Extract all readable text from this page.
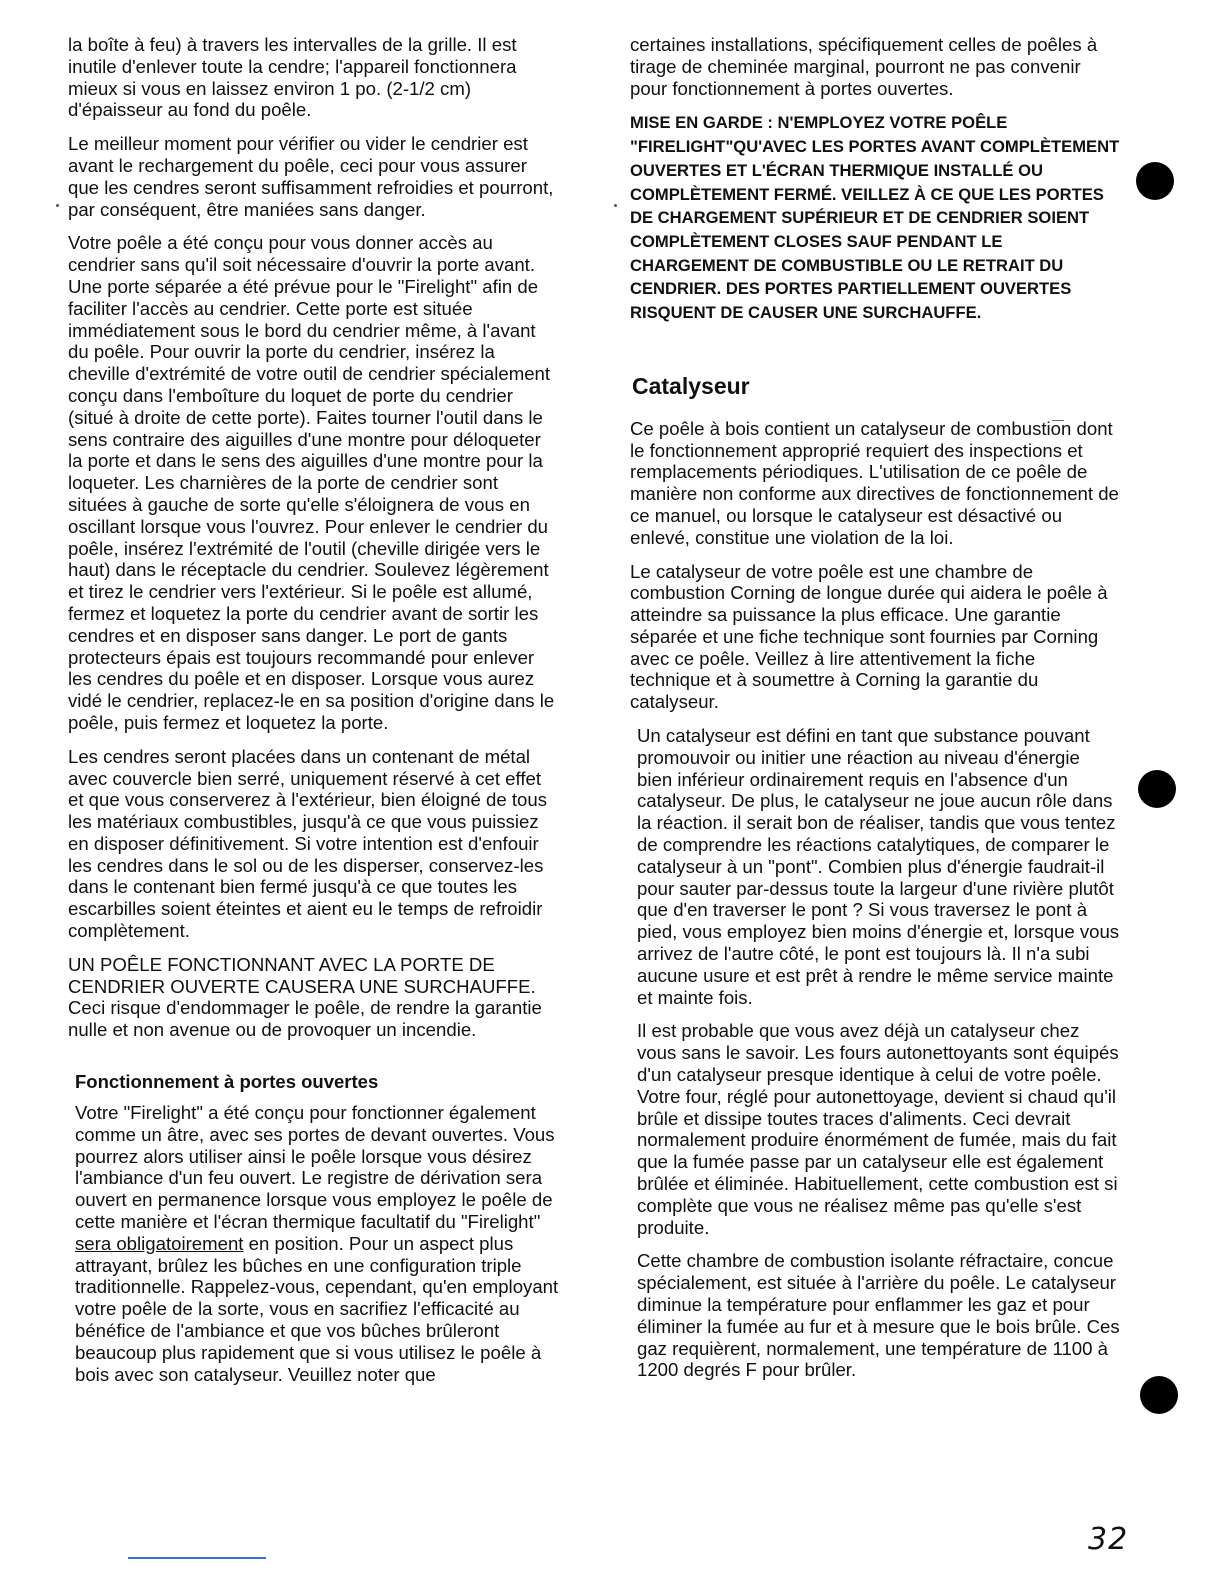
la boîte à feu) à travers les intervalles de la grille. Il est inutile d'enlever toute la cendre; l'appareil fonctionnera mieux si vous en laissez environ 1 po. (2-1/2 cm) d'épaisseur au fond du poêle.

Le meilleur moment pour vérifier ou vider le cendrier est avant le rechargement du poêle, ceci pour vous assurer que les cendres seront suffisamment refroidies et pourront, par conséquent, être maniées sans danger.

Votre poêle a été conçu pour vous donner accès au cendrier sans qu'il soit nécessaire d'ouvrir la porte avant. Une porte séparée a été prévue pour le "Firelight" afin de faciliter l'accès au cendrier. Cette porte est située immédiatement sous le bord du cendrier même, à l'avant du poêle. Pour ouvrir la porte du cendrier, insérez la cheville d'extrémité de votre outil de cendrier spécialement conçu dans l'emboîture du loquet de porte du cendrier (situé à droite de cette porte). Faites tourner l'outil dans le sens contraire des aiguilles d'une montre pour déloqueter la porte et dans le sens des aiguilles d'une montre pour la loqueter. Les charnières de la porte de cendrier sont situées à gauche de sorte qu'elle s'éloignera de vous en oscillant lorsque vous l'ouvrez. Pour enlever le cendrier du poêle, insérez l'extrémité de l'outil (cheville dirigée vers le haut) dans le réceptacle du cendrier. Soulevez légèrement et tirez le cendrier vers l'extérieur. Si le poêle est allumé, fermez et loquetez la porte du cendrier avant de sortir les cendres et en disposer sans danger. Le port de gants protecteurs épais est toujours recommandé pour enlever les cendres du poêle et en disposer. Lorsque vous aurez vidé le cendrier, replacez-le en sa position d'origine dans le poêle, puis fermez et loquetez la porte.

Les cendres seront placées dans un contenant de métal avec couvercle bien serré, uniquement réservé à cet effet et que vous conserverez à l'extérieur, bien éloigné de tous les matériaux combustibles, jusqu'à ce que vous puissiez en disposer définitivement. Si votre intention est d'enfouir les cendres dans le sol ou de les disperser, conservez-les dans le contenant bien fermé jusqu'à ce que toutes les escarbilles soient éteintes et aient eu le temps de refroidir complètement.

UN POÊLE FONCTIONNANT AVEC LA PORTE DE CENDRIER OUVERTE CAUSERA UNE SURCHAUFFE. Ceci risque d'endommager le poêle, de rendre la garantie nulle et non avenue ou de provoquer un incendie.

Fonctionnement à portes ouvertes

Votre "Firelight" a été conçu pour fonctionner également comme un âtre, avec ses portes de devant ouvertes. Vous pourrez alors utiliser ainsi le poêle lorsque vous désirez l'ambiance d'un feu ouvert. Le registre de dérivation sera ouvert en permanence lorsque vous employez le poêle de cette manière et l'écran thermique facultatif du "Firelight" sera obligatoirement en position. Pour un aspect plus attrayant, brûlez les bûches en une configuration triple traditionnelle. Rappelez-vous, cependant, qu'en employant votre poêle de la sorte, vous en sacrifiez l'efficacité au bénéfice de l'ambiance et que vos bûches brûleront beaucoup plus rapidement que si vous utilisez le poêle à bois avec son catalyseur. Veuillez noter que

certaines installations, spécifiquement celles de poêles à tirage de cheminée marginal, pourront ne pas convenir pour fonctionnement à portes ouvertes.

MISE EN GARDE : N'EMPLOYEZ VOTRE POÊLE "FIRELIGHT"QU'AVEC LES PORTES AVANT COMPLÈTEMENT OUVERTES ET L'ÉCRAN THERMIQUE INSTALLÉ OU COMPLÈTEMENT FERMÉ. VEILLEZ À CE QUE LES PORTES DE CHARGEMENT SUPÉRIEUR ET DE CENDRIER SOIENT COMPLÈTEMENT CLOSES SAUF PENDANT LE CHARGEMENT DE COMBUSTIBLE OU LE RETRAIT DU CENDRIER. DES PORTES PARTIELLEMENT OUVERTES RISQUENT DE CAUSER UNE SURCHAUFFE.

Catalyseur

Ce poêle à bois contient un catalyseur de combustion dont le fonctionnement approprié requiert des inspections et remplacements périodiques. L'utilisation de ce poêle de manière non conforme aux directives de fonctionnement de ce manuel, ou lorsque le catalyseur est désactivé ou enlevé, constitue une violation de la loi.

Le catalyseur de votre poêle est une chambre de combustion Corning de longue durée qui aidera le poêle à atteindre sa puissance la plus efficace. Une garantie séparée et une fiche technique sont fournies par Corning avec ce poêle. Veillez à lire attentivement la fiche technique et à soumettre à Corning la garantie du catalyseur.

Un catalyseur est défini en tant que substance pouvant promouvoir ou initier une réaction au niveau d'énergie bien inférieur ordinairement requis en l'absence d'un catalyseur. De plus, le catalyseur ne joue aucun rôle dans la réaction. il serait bon de réaliser, tandis que vous tentez de comprendre les réactions catalytiques, de comparer le catalyseur à un "pont". Combien plus d'énergie faudrait-il pour sauter par-dessus toute la largeur d'une rivière plutôt que d'en traverser le pont ? Si vous traversez le pont à pied, vous employez bien moins d'énergie et, lorsque vous arrivez de l'autre côté, le pont est toujours là. Il n'a subi aucune usure et est prêt à rendre le même service mainte et mainte fois.

Il est probable que vous avez déjà un catalyseur chez vous sans le savoir. Les fours autonettoyants sont équipés d'un catalyseur presque identique à celui de votre poêle. Votre four, réglé pour autonettoyage, devient si chaud qu'il brûle et dissipe toutes traces d'aliments. Ceci devrait normalement produire énormément de fumée, mais du fait que la fumée passe par un catalyseur elle est également brûlée et éliminée. Habituellement, cette combustion est si complète que vous ne réalisez même pas qu'elle s'est produite.

Cette chambre de combustion isolante réfractaire, concue spécialement, est située à l'arrière du poêle. Le catalyseur diminue la température pour enflammer les gaz et pour éliminer la fumée au fur et à mesure que le bois brûle. Ces gaz requièrent, normalement, une température de 1100 à 1200 degrés F pour brûler.

32
